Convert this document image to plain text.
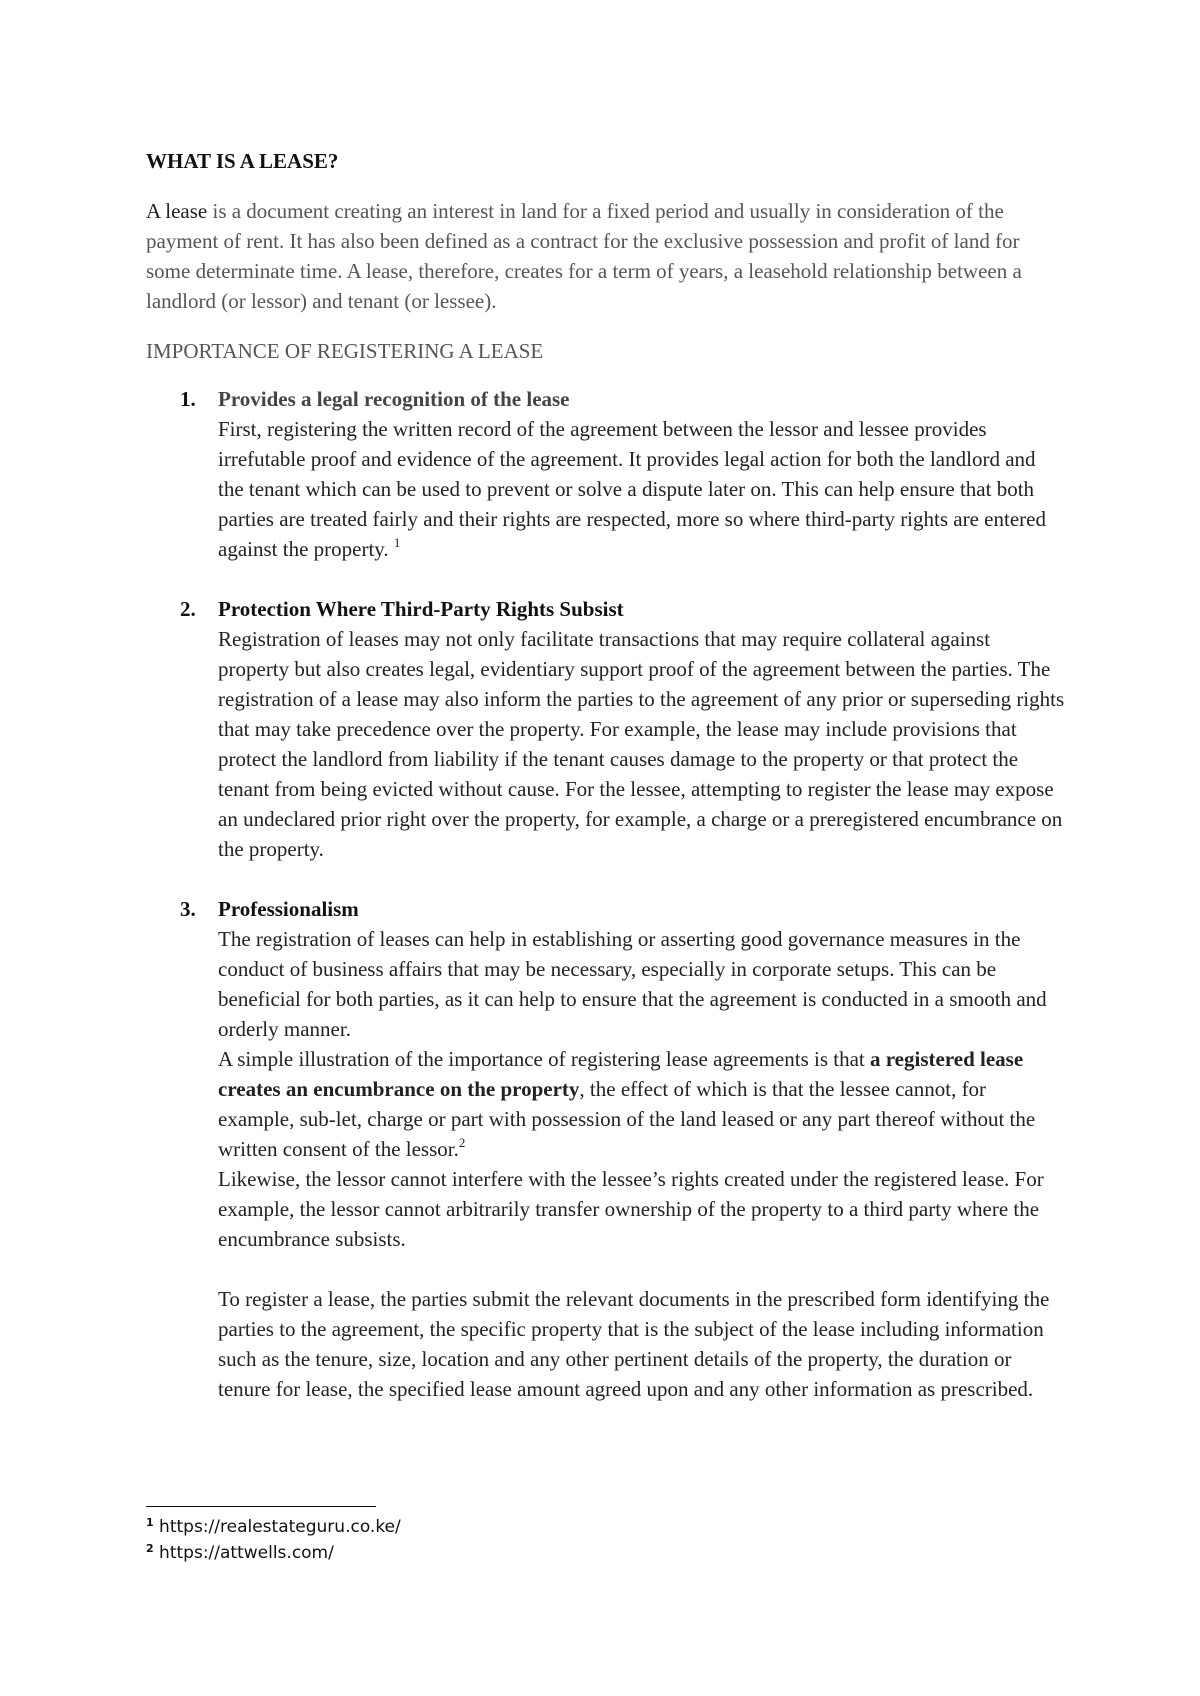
WHAT IS A LEASE?

A lease is a document creating an interest in land for a fixed period and usually in consideration of the payment of rent. It has also been defined as a contract for the exclusive possession and profit of land for some determinate time. A lease, therefore, creates for a term of years, a leasehold relationship between a landlord (or lessor) and tenant (or lessee).

IMPORTANCE OF REGISTERING A LEASE
1. Provides a legal recognition of the lease

First, registering the written record of the agreement between the lessor and lessee provides irrefutable proof and evidence of the agreement. It provides legal action for both the landlord and the tenant which can be used to prevent or solve a dispute later on. This can help ensure that both parties are treated fairly and their rights are respected, more so where third-party rights are entered against the property. $^1$

2. Protection Where Third-Party Rights Subsist

Registration of leases may not only facilitate transactions that may require collateral against property but also creates legal, evidentiary support proof of the agreement between the parties. The registration of a lease may also inform the parties to the agreement of any prior or superseding rights that may take precedence over the property. For example, the lease may include provisions that protect the landlord from liability if the tenant causes damage to the property or that protect the tenant from being evicted without cause. For the lessee, attempting to register the lease may expose an undeclared prior right over the property, for example, a charge or a preregistered encumbrance on the property.

3. Professionalism

The registration of leases can help in establishing or asserting good governance measures in the conduct of business affairs that may be necessary, especially in corporate setups. This can be beneficial for both parties, as it can help to ensure that the agreement is conducted in a smooth and orderly manner.

A simple illustration of the importance of registering lease agreements is that a registered lease creates an encumbrance on the property, the effect of which is that the lessee cannot, for example, sub-let, charge or part with possession of the land leased or any part thereof without the written consent of the lessor.$^2$

Likewise, the lessor cannot interfere with the lessee’s rights created under the registered lease. For example, the lessor cannot arbitrarily transfer ownership of the property to a third party where the encumbrance subsists.

To register a lease, the parties submit the relevant documents in the prescribed form identifying the parties to the agreement, the specific property that is the subject of the lease including information such as the tenure, size, location and any other pertinent details of the property, the duration or tenure for lease, the specified lease amount agreed upon and any other information as prescribed.

$^1$ https://realestateguru.co.ke/
$^2$ https://attwells.com/
